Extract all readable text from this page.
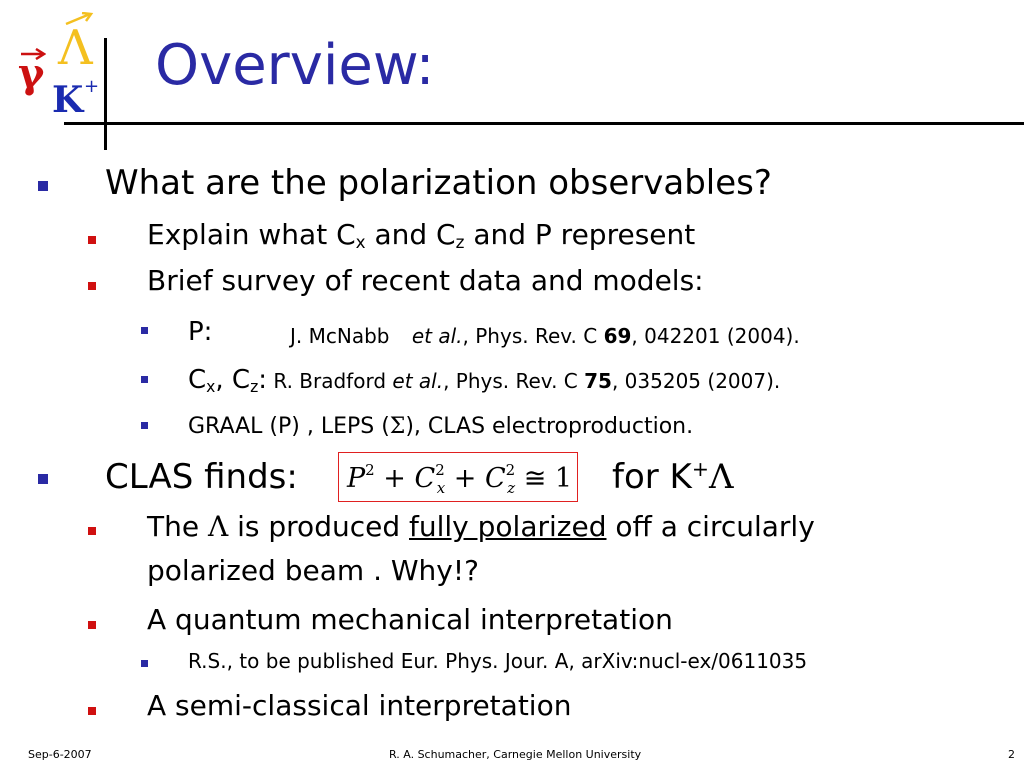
Λ
γ
K + Overview:
What are the polarization observables?
Explain what $C_x$ and $C_z$ and P represent
Brief survey of recent data and models:
P:	J. McNabb et al., Phys. Rev. C 69, 042201 (2004).
$C_x$, $C_z$: R. Bradford et al., Phys. Rev. C 75, 035205 (2007).
GRAAL (P) , LEPS (Σ), CLAS electroproduction.
CLAS finds: $P^2 + C^2_x + C^2_z$ ≅ 1 for K+Λ
The Λ is produced fully polarized off a circularly
polarized beam . Why!?
A quantum mechanical interpretation
R.S., to be published Eur. Phys. Jour. A, arXiv:nucl-ex/0611035
A semi-classical interpretation
Sep-6-2007	R. A. Schumacher, Carnegie Mellon University	2
